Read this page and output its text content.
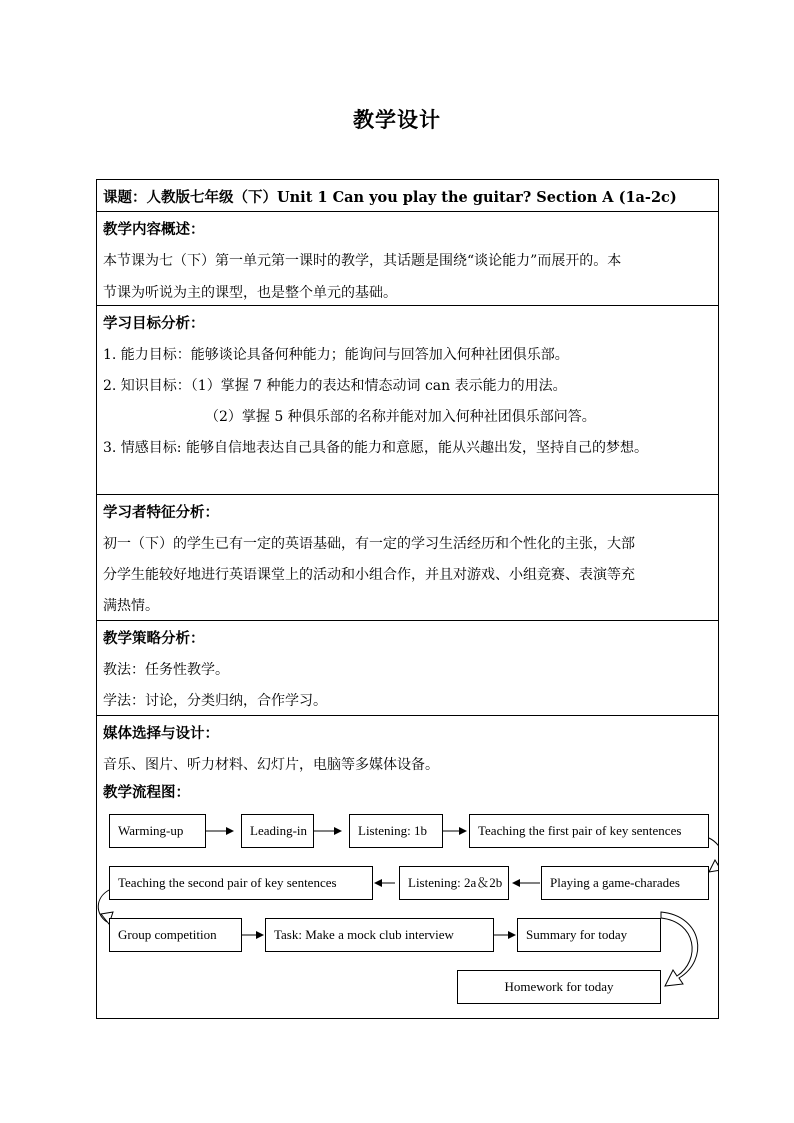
教学设计
课题：人教版七年级（下）Unit 1 Can you play the guitar? Section A (1a-2c)
教学内容概述：
本节课为七（下）第一单元第一课时的教学，其话题是围绕“谈论能力”而展开的。本
节课为听说为主的课型，也是整个单元的基础。
学习目标分析：
1. 能力目标：能够谈论具备何种能力；能询问与回答加入何种社团俱乐部。
2. 知识目标：（1）掌握 7 种能力的表达和情态动词 can 表示能力的用法。
（2）掌握 5 种俱乐部的名称并能对加入何种社团俱乐部问答。
3. 情感目标: 能够自信地表达自己具备的能力和意愿，能从兴趣出发，坚持自己的梦想。
学习者特征分析：
初一（下）的学生已有一定的英语基础，有一定的学习生活经历和个性化的主张，大部
分学生能较好地进行英语课堂上的活动和小组合作，并且对游戏、小组竞赛、表演等充
满热情。
教学策略分析：
教法：任务性教学。
学法：讨论，分类归纳，合作学习。
媒体选择与设计：
音乐、图片、听力材料、幻灯片，电脑等多媒体设备。
教学流程图：
Warming-up	Leading-in	Listening: 1b	Teaching the first pair of key sentences
Playing a game-charades
Listening: 2a＆2b
Teaching the second pair of key sentences
Group competition	Task: Make a mock club interview	Summary for today
Homework for today
